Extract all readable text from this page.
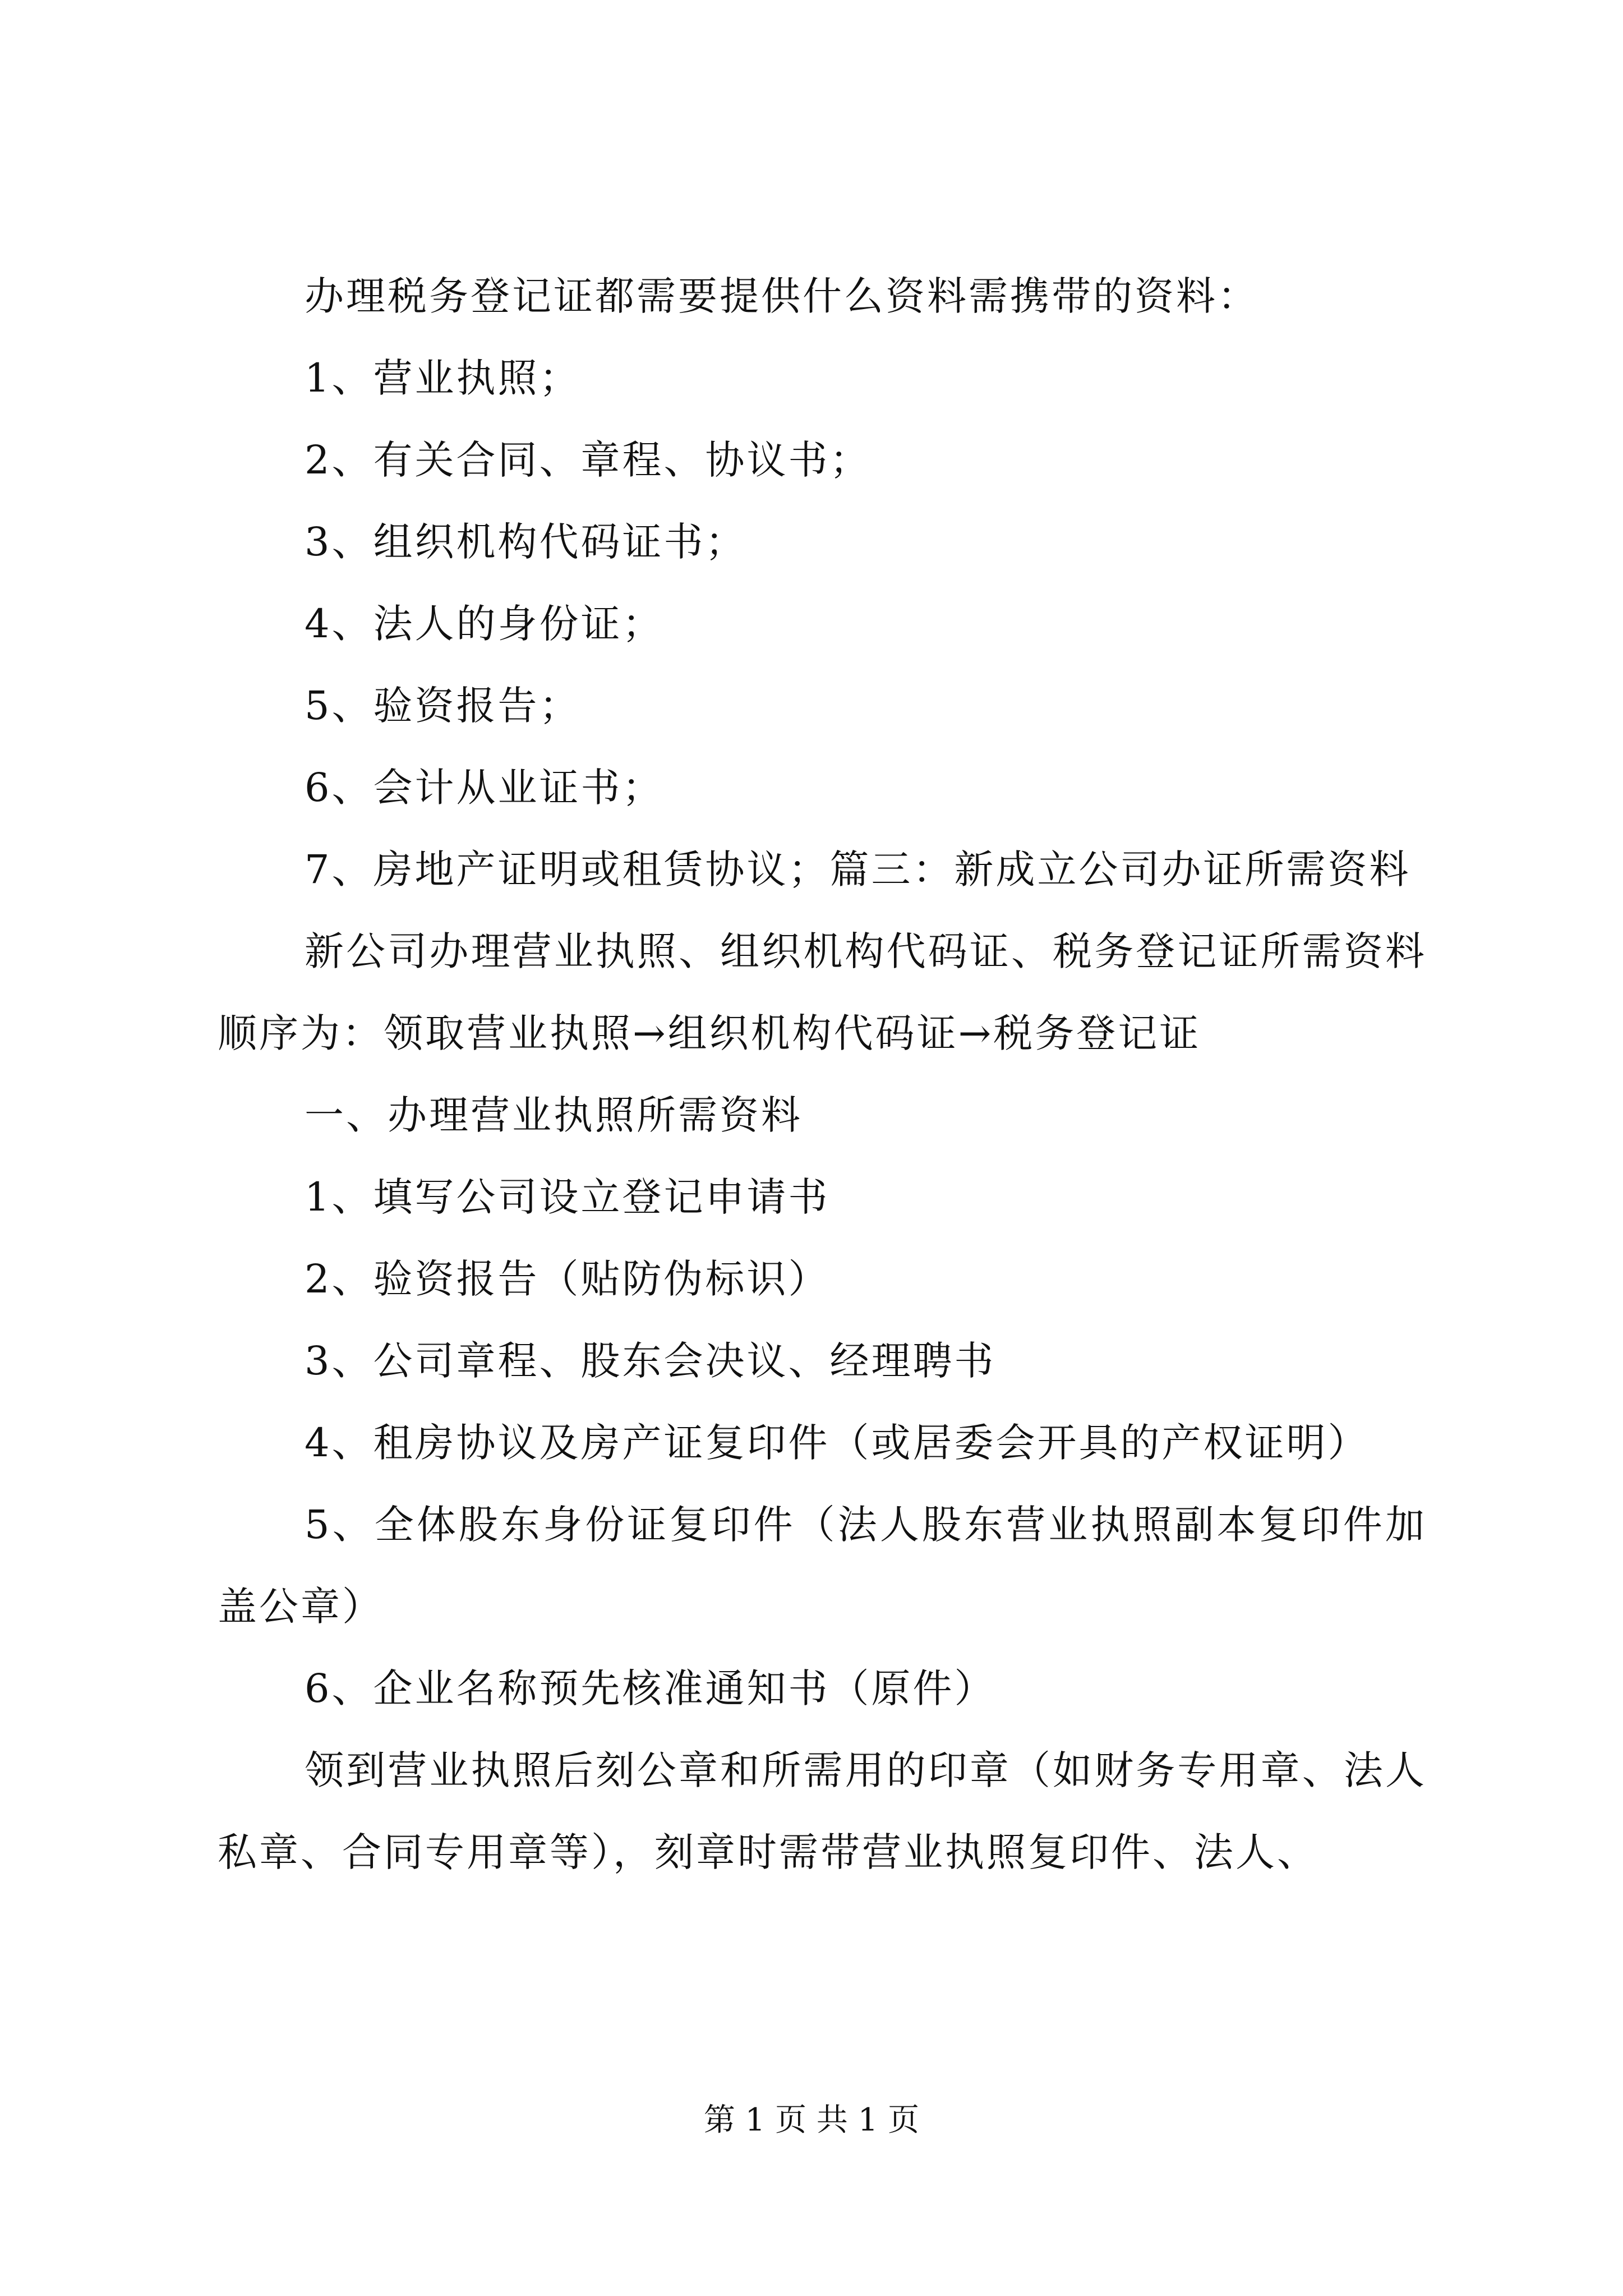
办理税务登记证都需要提供什么资料需携带的资料：

1、营业执照；

2、有关合同、章程、协议书；

3、组织机构代码证书；

4、法人的身份证；

5、验资报告；

6、会计从业证书；

7、房地产证明或租赁协议；篇三：新成立公司办证所需资料

新公司办理营业执照、组织机构代码证、税务登记证所需资料顺序为：领取营业执照→组织机构代码证→税务登记证

一、办理营业执照所需资料

1、填写公司设立登记申请书

2、验资报告（贴防伪标识）

3、公司章程、股东会决议、经理聘书

4、租房协议及房产证复印件（或居委会开具的产权证明）

5、全体股东身份证复印件（法人股东营业执照副本复印件加盖公章）

6、企业名称预先核准通知书（原件）

领到营业执照后刻公章和所需用的印章（如财务专用章、法人私章、合同专用章等），刻章时需带营业执照复印件、法人、

第 1 页 共 1 页
